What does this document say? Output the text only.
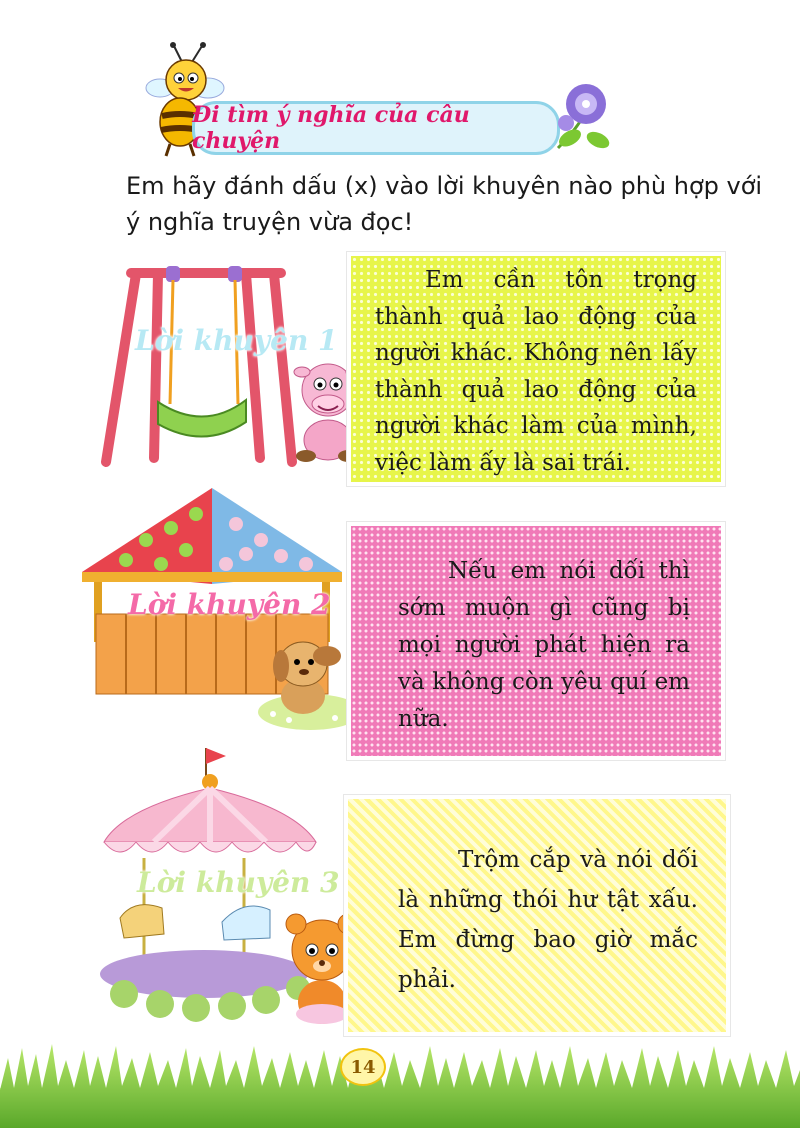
Đi tìm ý nghĩa của câu chuyện
Em hãy đánh dấu (x) vào lời khuyên nào phù hợp với ý nghĩa truyện vừa đọc!
Lời khuyên 1
Em cần tôn trọng thành quả lao động của người khác. Không nên lấy thành quả lao động của người khác làm của mình, việc làm ấy là sai trái.
Lời khuyên 2
Nếu em nói dối thì sớm muộn gì cũng bị mọi người phát hiện ra và không còn yêu quí em nữa.
Lời khuyên 3
Trộm cắp và nói dối là những thói hư tật xấu. Em đừng bao giờ mắc phải.
14
